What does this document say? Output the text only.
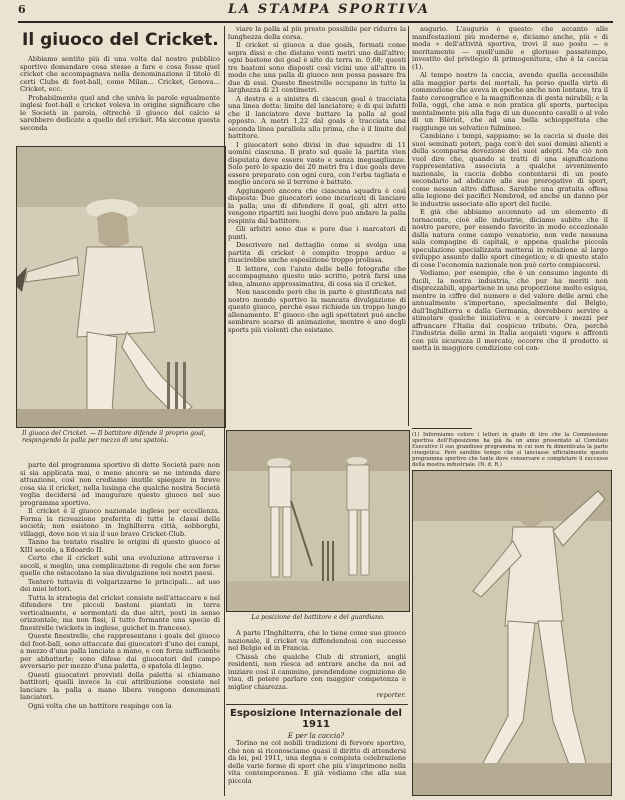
6	LA STAMPA SPORTIVA
Il giuoco del Cricket.

Abbiamo sentito più di una volta dal nostro pubblico sportivo domandare cosa stesse a fare e cosa fosse quel cricket che accompagnava nella denominazione il titolo di certi Clubs di foot-ball, come Milan... Cricket, Genova... Cricket, ecc.

Probabilmente quel and che univa le parole egualmente inglesi foot-ball e cricket voleva in origine significare che le Società in parola, oltrechè il giuoco del calcio si sarebbero dedicate a quello del cricket. Ma siccome questa seconda

Il giuoco del Cricket. — Il battitore difende il proprio goal, respingendo la palla per mezzo di una spatola.

parte del programma sportivo di dette Società pare non si sia applicata mai, o meno ancora se ne intenda dare attuazione, così non crediamo inutile spiegare in breve cosa sia il cricket, nella lusinga che qualche nostra Società voglia decidersi ad inaugurare questo giuoco nel suo programma sportivo.

Il cricket è il giuoco nazionale inglese per eccellenza. Forma la ricreazione preferita di tutte le classi della società; non esistono in Inghilterra città, sobborghi, villaggi, dove non vi sia il suo bravo Cricket-Club.

Tanno ha tentato risalire le origini di questo giuoco al XIII secolo, a Edoardo II.

Certo che il cricket subì una evoluzione attraverso i secoli, e meglio, una complicazione di regole che son forse quelle che ostacolano la sua divulgazione nei nostri paesi.

Tenterò tuttavia di volgarizzarne le principali... ad uso dei miei lettori.

Tutta la strategia del cricket consiste nell'attaccare e nel difendere tre piccoli bastoni piantati in terra verticalmente, e sormontati da due altri, posti in senso orizzontale, ma non fissi, il tutto formante una specie di finestrelle (wickets in inglese, guichet in francese).

Queste finestrelle, che rappresentano i goals del giuoco del foot-ball, sono attaccate dai giuocatori d'uno dei campi, a mezzo d'una palla lanciata a mano, e con forza sufficiente per abbatterle; sono difese dai giuocatori del campo avversario per mezzo d'una paletta, o spatola di legno.

Questi giuocatori provvisti della paletta si chiamano battitori; quelli invece la cui attribuzione consiste nel lanciare la palla a mano libera vengono denominati lanciatori.

Ogni volta che un battitore respinge con la

viare la palla al più presto possibile per ridurre la lunghezza della corsa.

Il cricket si giuoca a due goals, formati come sopra dissi e che distano venti metri uno dall'altro; ogni bastone dei goal è alto da terra m. 0,68; questi tre bastoni sono disposti così vicini uno all'altro in modo che una palla di giuoco non possa passare fra due di essi. Queste finestrelle occupano in tutto la larghezza di 21 centimetri.

A destra e a sinistra di ciascun goal è tracciata una linea detta: limite del lanciatore; è di qui infatti che il lanciatore deve buttare la palla al goal opposto. A metri 1,22 dal goals è tracciata una seconda linea parallela alla prima, che è il limite del battitore.

I giuocatori sono divisi in due squadre di 11 uomini ciascuna. Il prato sul quale la partita vien disputata deve essere vasto e senza ineguaglianze. Solo però lo spazio dei 20 metri fra i due goals deve essere preparato con ogni cura, con l'erba tagliata e meglio ancora se il terreno è battuto.

Aggiungerò ancora che ciascuna squadra è così disposta: Due giuocatori sono incaricati di lanciare la palla; uno di difendere il goal, gli altri otto vengono ripartiti nei luoghi dove può andare la palla respinta dal battitore.

Gli arbitri sono due e pure due i marcatori di punti.

Descrivere nel dettaglio come si svolga una partita di cricket è compito troppo arduo e riuscirebbe anche esposizione troppo prolissa.

Il lettore, con l'aiuto delle belle fotografie che accompagnano questo mio scritto, potrà farsi una idea, almeno approssimativa, di cosa sia il cricket.

Non nascondo però che in parte è giustificata nel nostro mondo sportivo la mancata divulgazione di questo giuoco, perchè esso richiede un troppo lungo allenamento. E' giuoco che agli spettatori può anche sembrare scarso di animazione, mentre è uno degli sports più violenti che esistano.

La posizione del battitore e del guardiano.

A parte l'Inghilterra, che lo tiene come suo giuoco nazionale, il cricket va diffondendosi con successo nel Belgio ed in Francia.

Chissà che qualche Club di stranieri, anglii residenti, non riesca ad entrare anche da noi ad iniziare così il cammino, prendendone cognizione de visu, di potere parlare con maggior competenza e miglior chiarezza.

reporter.

Esposizione Internazionale del 1911
E per la caccia?

Torino ne col nobili tradizioni di fervore sportivo, che non si riconosciamo quasi il diritto di attendersi da lei, pel 1911, una degna e compiuta celebrazione delle varie forme di sport che più s'imprimono nella vita contemporanea. E già vediamo che alla sua piccola

augurio. L'augurio è questo: che accanto alle manifestazioni più moderne e, diciamo anche, più « di moda » dell'attività sportiva, trovi il suo posto — e meritamente — quell'umile e glorioso passatempo, investito del privilegio di primogenitura, che è la caccia (1).

Al tempo nostro la caccia, avendo quella accessibile alla maggior parte dei mortali, ha perso quella virtù di commozione che aveva in epoche anche non lontane, tra il fasto coreografico e la magnificenza di gesta mirabili; e la folla, oggi, che ama e non pratica gli sports, partecipa mentalmente più alla fuga di un duecento cavalli o al volo di un Blériot, che ad una bella schioppettata che raggiunge un selvatico fulmineo.

Cambiano i tempi, sappiamo: se la caccia si duole dei suoi seminati poteri, paga con'è dei suoi domini alienti e della scomparsa devozione dei suoi adepti. Ma ciò non vuol dire che, quando si tratti di una significazione rappresentativa associata a qualche avvenimento nazionale, la caccia debba contentarsi di un posto secondario ad abdicare alle sue prerogative di sport, come nessun altro diffuso. Sarebbe una gratuita offesa alla legione dei pacifici Nembrod, ed anche un danno per le industrie associate allo sport del fucile.

E già che abbiamo accennato ad un elemento di tornaconto, cioè alle industrie, diciamo subito che il nostro parere, per essendo favorito in modo eccezionale dalla natura come campo venatorio, non vede nessuna sala compagine di capitali, e appena qualche piccola speculazione specializzata metterai in relazione al largo sviluppo assunto dallo sport cinegetico; e di questo stato di cose l'economia nazionale non può certo compiacersi.

Vediamo, per esempio, che è un consumo ingente di fucili, la nostra industria, che pur ha meriti non disprezzabili, appartiene in una proporzione molto esigua, mentre in ciffre del numero e del valore delle armi che annualmente s'importano, specialmente dal Belgio, dall'Inghilterra e dalla Germania, dovrebbero servire a stimolare qualche iniziativa e a cercare i mezzi per affrancare l'Italia dal cospicuo tributo. Ora, perchè l'industria delle armi in Italia acquisti vigore e affronti con più sicurezza il mercato, occorre che il prodotto si metta in maggiore condizione col con-

(1) Informiamo coloro i lettori in giudo di tiro che la Commissione sportiva dell'Esposizione ha già da un anno presentato al Comitato Esecutivo il suo grandioso programma in cui non fu dimenticata la parte cinegetica. Però sarebbe tempo che si lanciasse ufficialmente questo programma sportivo che tante dove conservare e completare il successo della mostra industriale. (N. d. R.)
